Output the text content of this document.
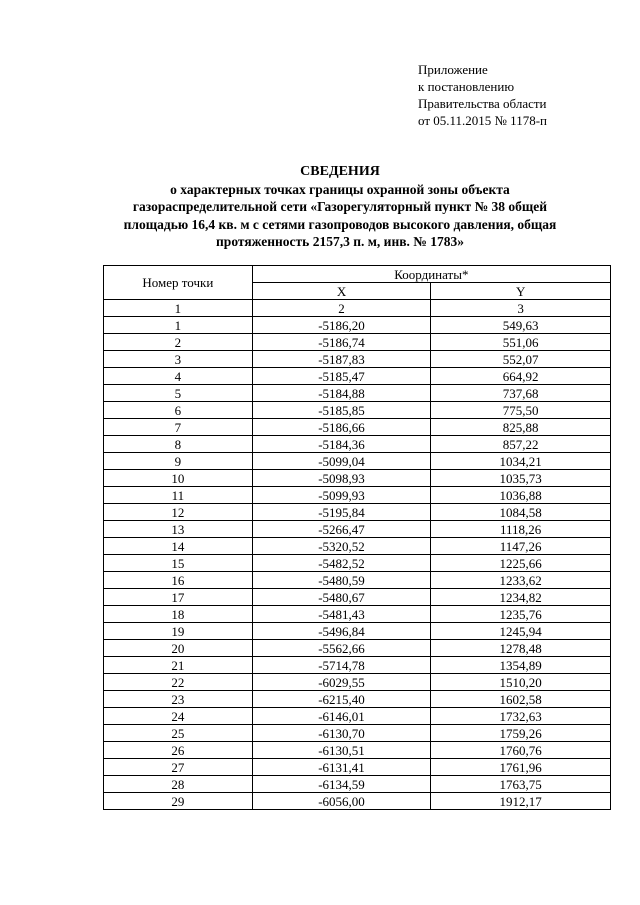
Приложение
к постановлению
Правительства области
от 05.11.2015 № 1178-п
СВЕДЕНИЯ
о характерных точках границы охранной зоны объекта
газораспределительной сети «Газорегуляторный пункт № 38 общей
площадью 16,4 кв. м с сетями газопроводов высокого давления, общая
протяженность 2157,3 п. м, инв. № 1783»
Номер точки	Координаты*	
	X	Y
1	2	3
1	-5186,20	549,63
2	-5186,74	551,06
3	-5187,83	552,07
4	-5185,47	664,92
5	-5184,88	737,68
6	-5185,85	775,50
7	-5186,66	825,88
8	-5184,36	857,22
9	-5099,04	1034,21
10	-5098,93	1035,73
11	-5099,93	1036,88
12	-5195,84	1084,58
13	-5266,47	1118,26
14	-5320,52	1147,26
15	-5482,52	1225,66
16	-5480,59	1233,62
17	-5480,67	1234,82
18	-5481,43	1235,76
19	-5496,84	1245,94
20	-5562,66	1278,48
21	-5714,78	1354,89
22	-6029,55	1510,20
23	-6215,40	1602,58
24	-6146,01	1732,63
25	-6130,70	1759,26
26	-6130,51	1760,76
27	-6131,41	1761,96
28	-6134,59	1763,75
29	-6056,00	1912,17
